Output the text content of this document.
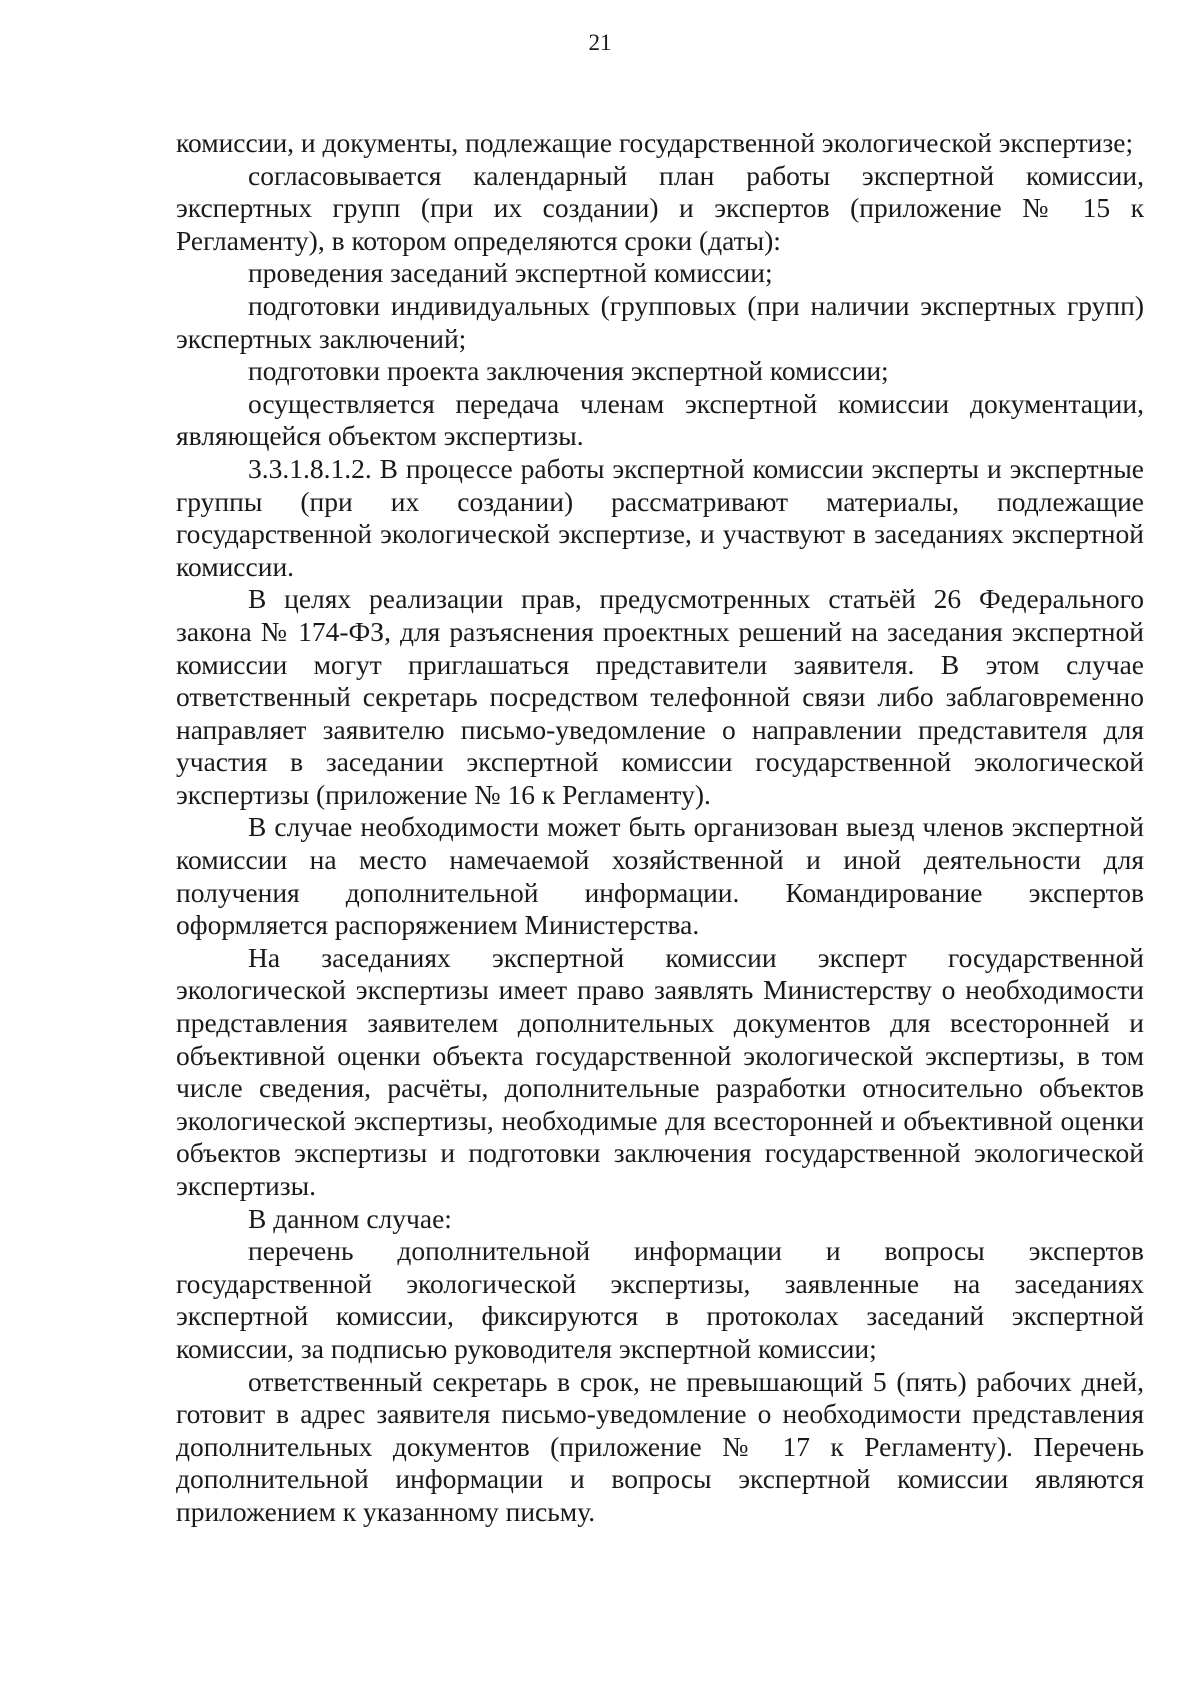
21

комиссии, и документы, подлежащие государственной экологической экспертизе;

согласовывается календарный план работы экспертной комиссии, экспертных групп (при их создании) и экспертов (приложение № 15 к Регламенту), в котором определяются сроки (даты):

проведения заседаний экспертной комиссии;

подготовки индивидуальных (групповых (при наличии экспертных групп) экспертных заключений;

подготовки проекта заключения экспертной комиссии;

осуществляется передача членам экспертной комиссии документации, являющейся объектом экспертизы.

3.3.1.8.1.2. В процессе работы экспертной комиссии эксперты и экспертные группы (при их создании) рассматривают материалы, подлежащие государственной экологической экспертизе, и участвуют в заседаниях экспертной комиссии.

В целях реализации прав, предусмотренных статьёй 26 Федерального закона № 174-ФЗ, для разъяснения проектных решений на заседания экспертной комиссии могут приглашаться представители заявителя. В этом случае ответственный секретарь посредством телефонной связи либо заблаговременно направляет заявителю письмо-уведомление о направлении представителя для участия в заседании экспертной комиссии государственной экологической экспертизы (приложение № 16 к Регламенту).

В случае необходимости может быть организован выезд членов экспертной комиссии на место намечаемой хозяйственной и иной деятельности для получения дополнительной информации. Командирование экспертов оформляется распоряжением Министерства.

На заседаниях экспертной комиссии эксперт государственной экологической экспертизы имеет право заявлять Министерству о необходимости представления заявителем дополнительных документов для всесторонней и объективной оценки объекта государственной экологической экспертизы, в том числе сведения, расчёты, дополнительные разработки относительно объектов экологической экспертизы, необходимые для всесторонней и объективной оценки объектов экспертизы и подготовки заключения государственной экологической экспертизы.

В данном случае:

перечень дополнительной информации и вопросы экспертов государственной экологической экспертизы, заявленные на заседаниях экспертной комиссии, фиксируются в протоколах заседаний экспертной комиссии, за подписью руководителя экспертной комиссии;

ответственный секретарь в срок, не превышающий 5 (пять) рабочих дней, готовит в адрес заявителя письмо-уведомление о необходимости представления дополнительных документов (приложение № 17 к Регламенту). Перечень дополнительной информации и вопросы экспертной комиссии являются приложением к указанному письму.
